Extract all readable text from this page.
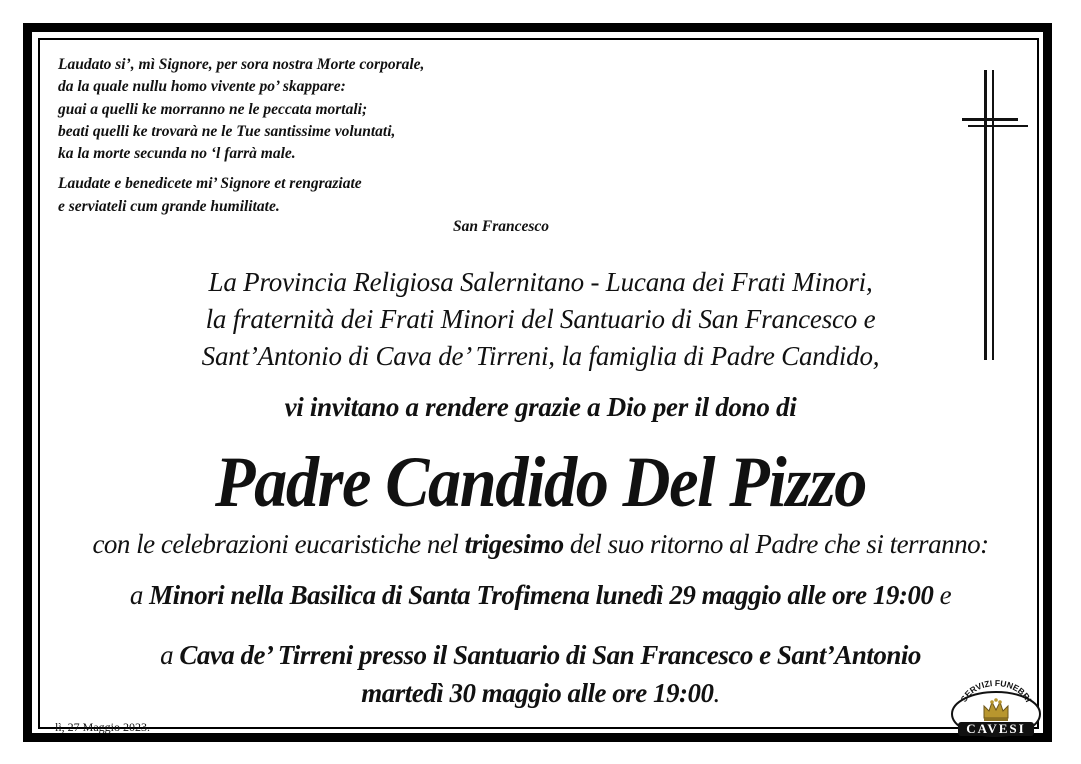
Laudato si’, mì Signore, per sora nostra Morte corporale,
da la quale nullu homo vivente po’ skappare:
guai a quelli ke morranno ne le peccata mortali;
beati quelli ke trovarà ne le Tue santissime voluntati,
ka la morte secunda no ‘l farrà male.
Laudate e benedicete mi’ Signore et rengraziate
e serviateli cum grande humilitate.
San Francesco
La Provincia Religiosa Salernitano - Lucana dei Frati Minori,
la fraternità dei Frati Minori del Santuario di San Francesco e
Sant’Antonio di Cava de’ Tirreni, la famiglia di Padre Candido,
vi invitano a rendere grazie a Dio per il dono di
Padre Candido Del Pizzo
con le celebrazioni eucaristiche nel trigesimo del suo ritorno al Padre che si terranno:
a Minori nella Basilica di Santa Trofimena lunedì 29 maggio alle ore 19:00 e
a Cava de’ Tirreni presso il Santuario di San Francesco e Sant’Antonio
martedì 30 maggio alle ore 19:00.
lì, 27 Maggio 2023.
SERVIZI FUNEBRI
CAVESI
